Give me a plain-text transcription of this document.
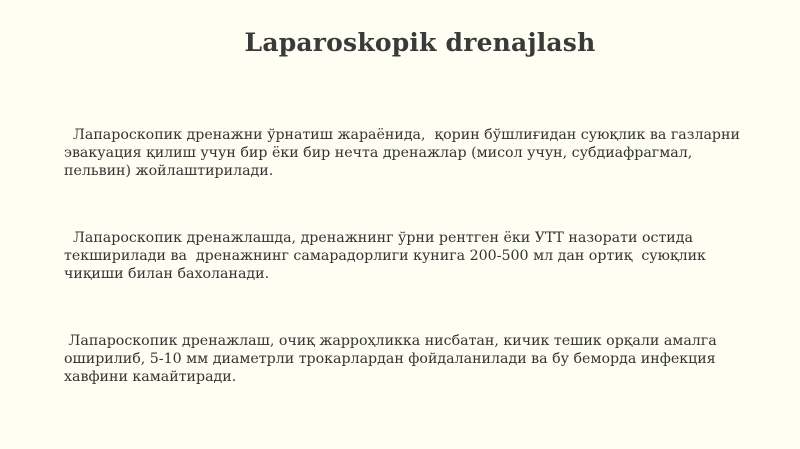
Laparoskopik drenajlash
Лапароскопик дренажни ўрнатиш жараёнида,  қорин бўшлиғидан суюқлик ва газларни эвакуация қилиш учун бир ёки бир нечта дренажлар (мисол учун, субдиафрагмал, пельвин) жойлаштирилади.
Лапароскопик дренажлашда, дренажнинг ўрни рентген ёки УТТ назорати остида текширилади ва  дренажнинг самарадорлиги кунига 200-500 мл дан ортиқ  суюқлик чиқиши билан бахоланади.
Лапароскопик дренажлаш, очиқ жарроҳликка нисбатан, кичик тешик орқали амалга оширилиб, 5-10 мм диаметрли трокарлардан фойдаланилади ва бу беморда инфекция хавфини камайтиради.
